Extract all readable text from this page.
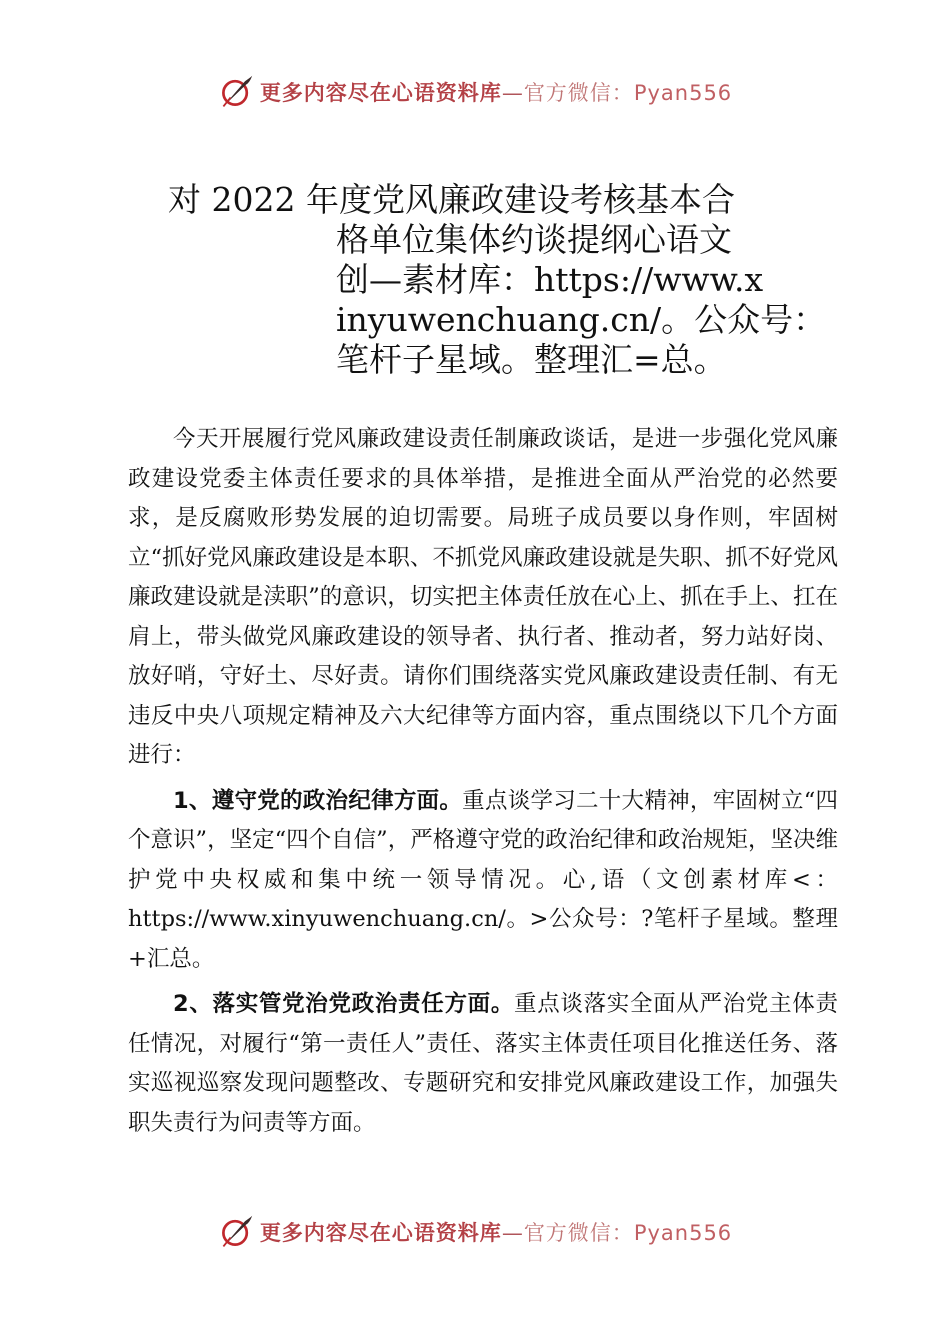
更多内容尽在心语资料库—官方微信：Pyan556
对 2022 年度党风廉政建设考核基本合
格单位集体约谈提纲心语文
创—素材库：https://www.x
inyuwenchuang.cn/。公众号：
笔杆子星域。整理汇=总。

今天开展履行党风廉政建设责任制廉政谈话，是进一步强化党风廉政建设党委主体责任要求的具体举措，是推进全面从严治党的必然要求，是反腐败形势发展的迫切需要。局班子成员要以身作则，牢固树立“抓好党风廉政建设是本职、不抓党风廉政建设就是失职、抓不好党风廉政建设就是渎职”的意识，切实把主体责任放在心上、抓在手上、扛在肩上，带头做党风廉政建设的领导者、执行者、推动者，努力站好岗、放好哨，守好土、尽好责。请你们围绕落实党风廉政建设责任制、有无违反中央八项规定精神及六大纪律等方面内容，重点围绕以下几个方面进行：

1、遵守党的政治纪律方面。重点谈学习二十大精神，牢固树立“四个意识”，坚定“四个自信”，严格遵守党的政治纪律和政治规矩，坚决维护党中央权威和集中统一领导情况。心,语（文创素材库<：https://www.xinyuwenchuang.cn/。>公众号：?笔杆子星域。整理+汇总。

2、落实管党治党政治责任方面。重点谈落实全面从严治党主体责任情况，对履行“第一责任人”责任、落实主体责任项目化推送任务、落实巡视巡察发现问题整改、专题研究和安排党风廉政建设工作，加强失职失责行为问责等方面。

更多内容尽在心语资料库—官方微信：Pyan556
